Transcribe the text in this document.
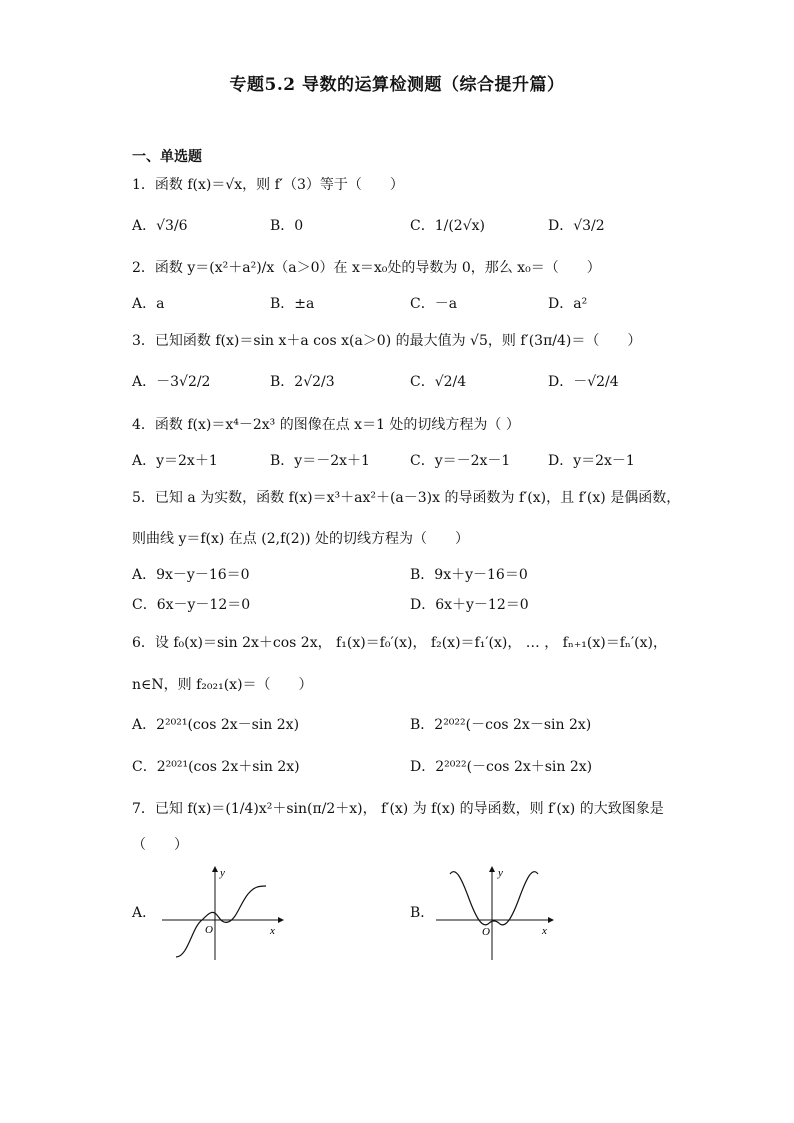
专题5.2 导数的运算检测题（综合提升篇）
一、单选题
1．函数 f(x)＝√x，则 f′（3）等于（　　）
A．√3/6	B．0	C．1/(2√x)	D．√3/2
2．函数 y＝(x²＋a²)/x（a＞0）在 x＝x₀处的导数为 0，那么 x₀＝（　　）
A．a	B．±a	C．－a	D．a²
3．已知函数 f(x)＝sin x＋a cos x(a＞0) 的最大值为 √5，则 f′(3π/4)＝（　　）
A．－3√2/2	B．2√2/3	C．√2/4	D．－√2/4
4．函数 f(x)＝x⁴－2x³ 的图像在点 x＝1 处的切线方程为（ ）
A．y＝2x＋1	B．y＝－2x＋1	C．y＝－2x－1	D．y＝2x－1
5．已知 a 为实数，函数 f(x)＝x³＋ax²＋(a－3)x 的导函数为 f′(x)，且 f′(x) 是偶函数，
则曲线 y＝f(x) 在点 (2,f(2)) 处的切线方程为（　　）
A．9x－y－16＝0	B．9x＋y－16＝0
C．6x－y－12＝0	D．6x＋y－12＝0
6．设 f₀(x)＝sin 2x＋cos 2x， f₁(x)＝f₀′(x)， f₂(x)＝f₁′(x)， … ， fₙ₊₁(x)＝fₙ′(x)，
n∈N，则 f₂₀₂₁(x)＝（　　）
A．2²⁰²¹(cos 2x－sin 2x)	B．2²⁰²²(－cos 2x－sin 2x)
C．2²⁰²¹(cos 2x＋sin 2x)	D．2²⁰²²(－cos 2x＋sin 2x)
7．已知 f(x)＝(1/4)x²＋sin(π/2＋x)， f′(x) 为 f(x) 的导函数，则 f′(x) 的大致图象是
（　　）
A．	B．
y
x
O
y
x
O
